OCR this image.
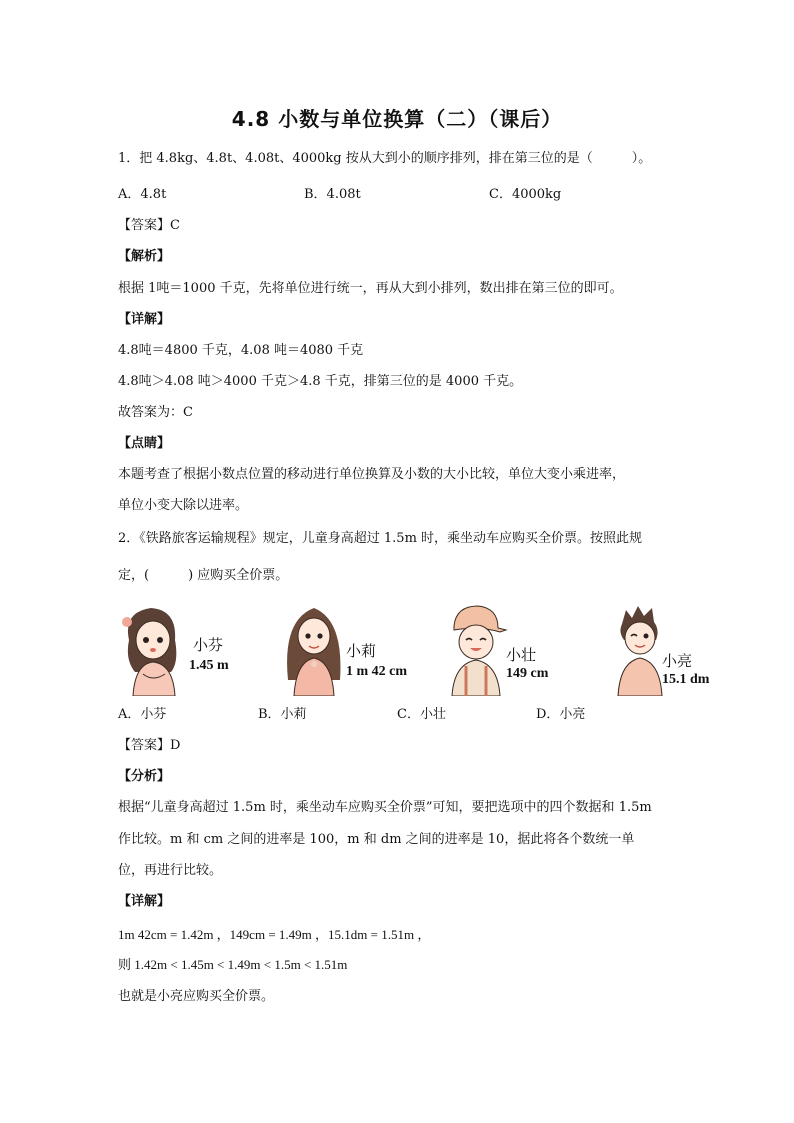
4.8 小数与单位换算（二）（课后）
1．把 4.8kg、4.8t、4.08t、4000kg 按从大到小的顺序排列，排在第三位的是（　　　）。
A．4.8t	B．4.08t	C．4000kg
【答案】C
【解析】
根据 1吨＝1000 千克，先将单位进行统一，再从大到小排列，数出排在第三位的即可。
【详解】
4.8吨＝4800 千克，4.08 吨＝4080 千克
4.8吨＞4.08 吨＞4000 千克＞4.8 千克，排第三位的是 4000 千克。
故答案为：C
【点睛】
本题考查了根据小数点位置的移动进行单位换算及小数的大小比较，单位大变小乘进率，
单位小变大除以进率。
2．《铁路旅客运输规程》规定，儿童身高超过 1.5m 时，乘坐动车应购买全价票。按照此规
定，(　　　) 应购买全价票。
小芬
1.45 m
小莉
1 m 42 cm
小壮
149 cm
小亮
15.1 dm
A．小芬	B．小莉	C．小壮	D．小亮
【答案】D
【分析】
根据“儿童身高超过 1.5m 时，乘坐动车应购买全价票”可知，要把选项中的四个数据和 1.5m
作比较。m 和 cm 之间的进率是 100，m 和 dm 之间的进率是 10，据此将各个数统一单
位，再进行比较。
【详解】
1m 42cm = 1.42m ，149cm = 1.49m ，15.1dm = 1.51m ，
则 1.42m < 1.45m < 1.49m < 1.5m < 1.51m
也就是小亮应购买全价票。
